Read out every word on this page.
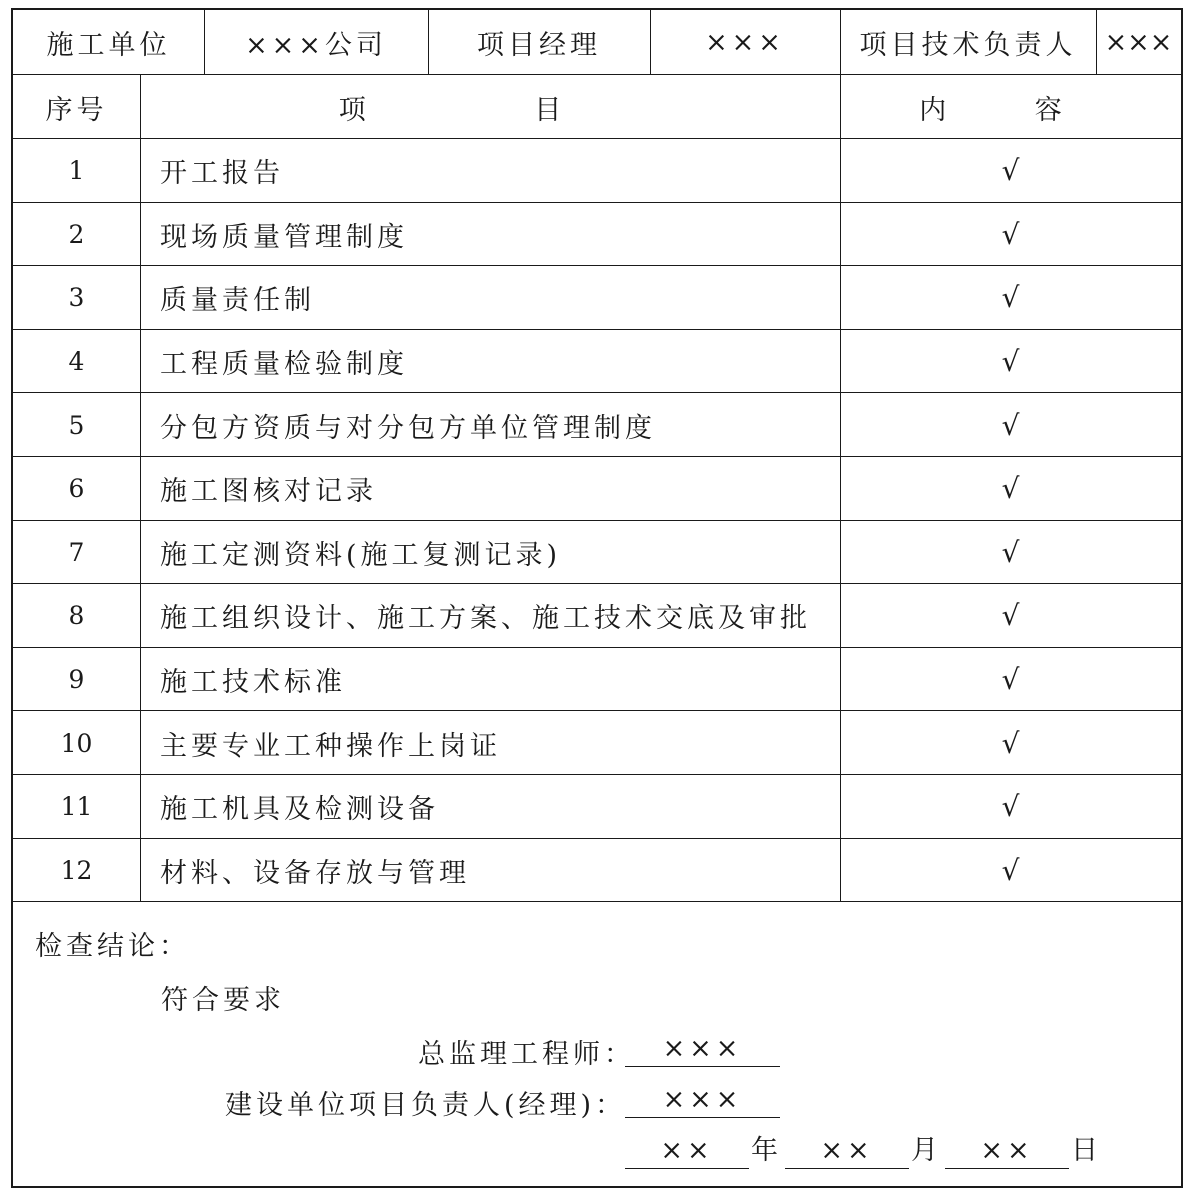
施工单位	×××公司	项目经理	×××	项目技术负责人	×××
序号	项 目	内 容
1	开工报告	√
2	现场质量管理制度	√
3	质量责任制	√
4	工程质量检验制度	√
5	分包方资质与对分包方单位管理制度	√
6	施工图核对记录	√
7	施工定测资料(施工复测记录)	√
8	施工组织设计、施工方案、施工技术交底及审批	√
9	施工技术标准	√
10	主要专业工种操作上岗证	√
11	施工机具及检测设备	√
12	材料、设备存放与管理	√
检查结论：
符合要求
总监理工程师：	×××
建设单位项目负责人(经理)：	×××
××	年	××	月	××	日
